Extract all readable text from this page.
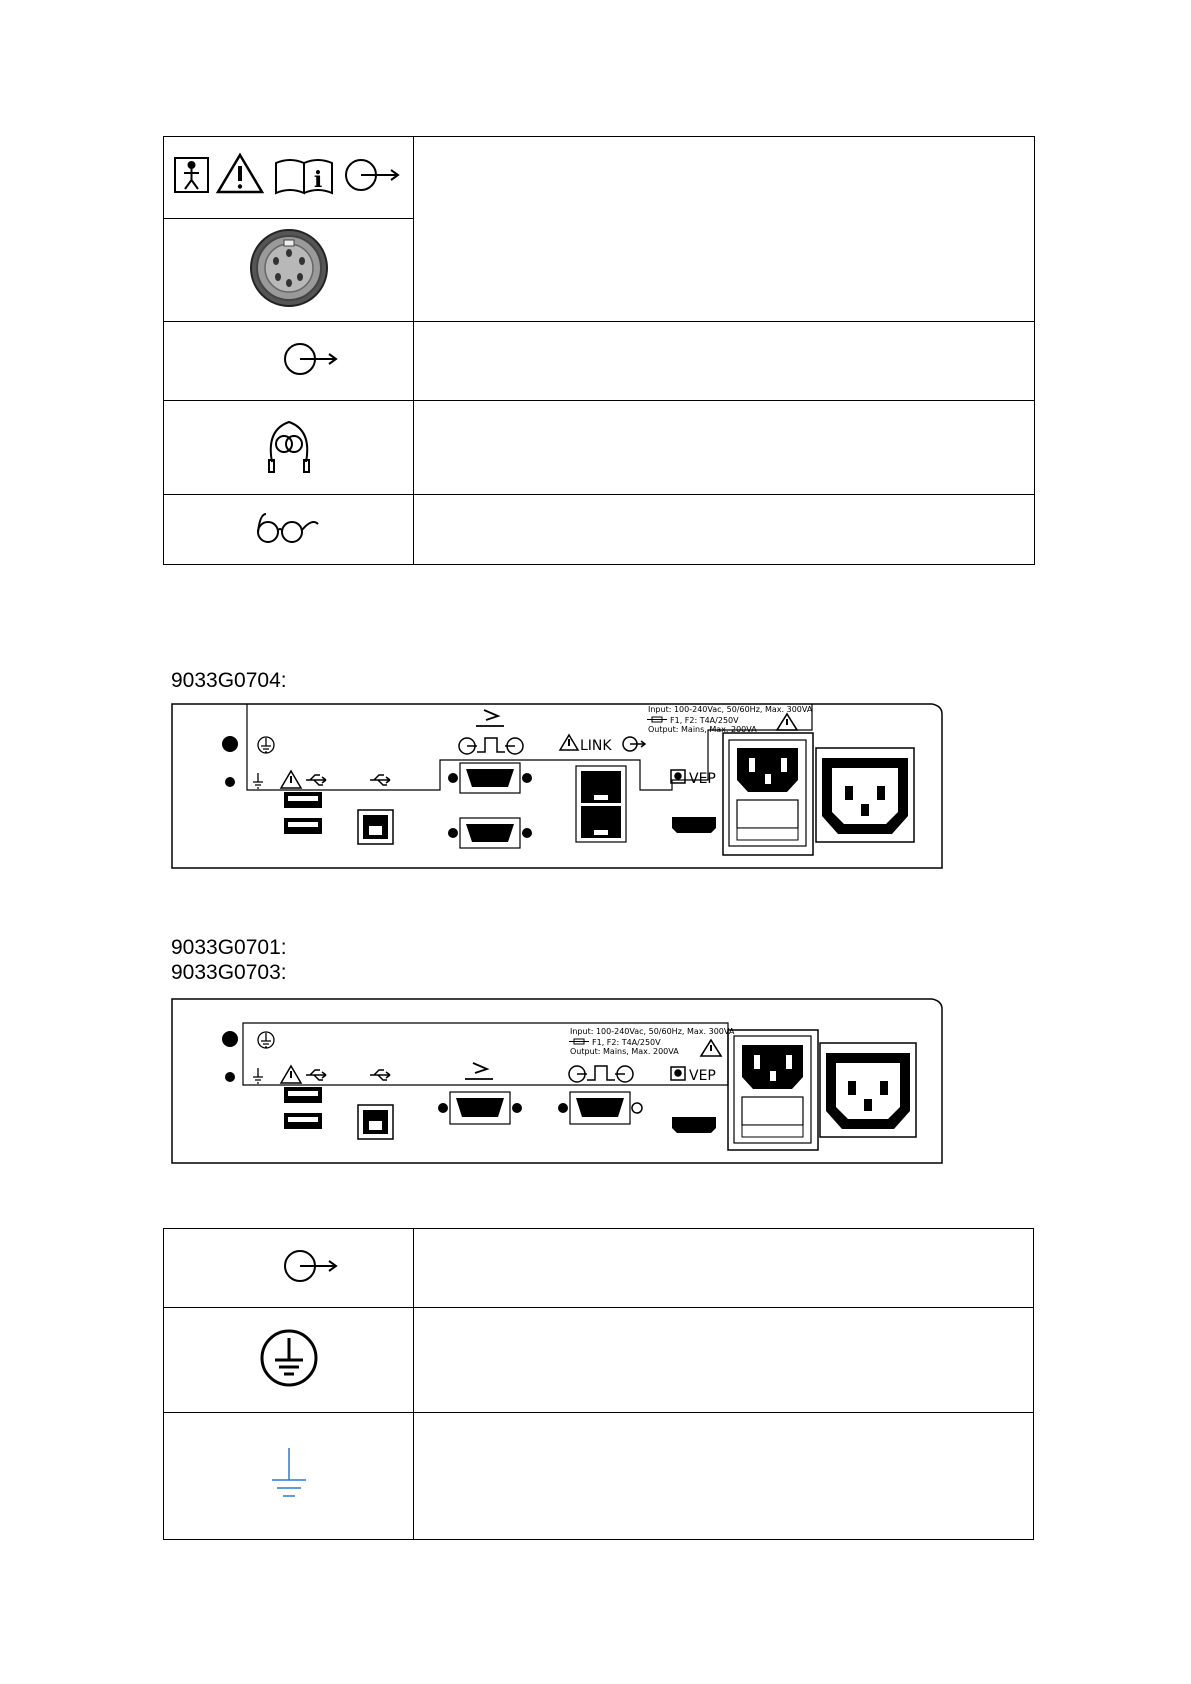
i	

9033G0704:
LINK
VEP
Input: 100-240Vac, 50/60Hz, Max. 300VA
F1, F2: T4A/250V
Output: Mains, Max. 200VA
9033G0701:
9033G0703:
VEP
Input: 100-240Vac, 50/60Hz, Max. 300VA
F1, F2: T4A/250V
Output: Mains, Max. 200VA
